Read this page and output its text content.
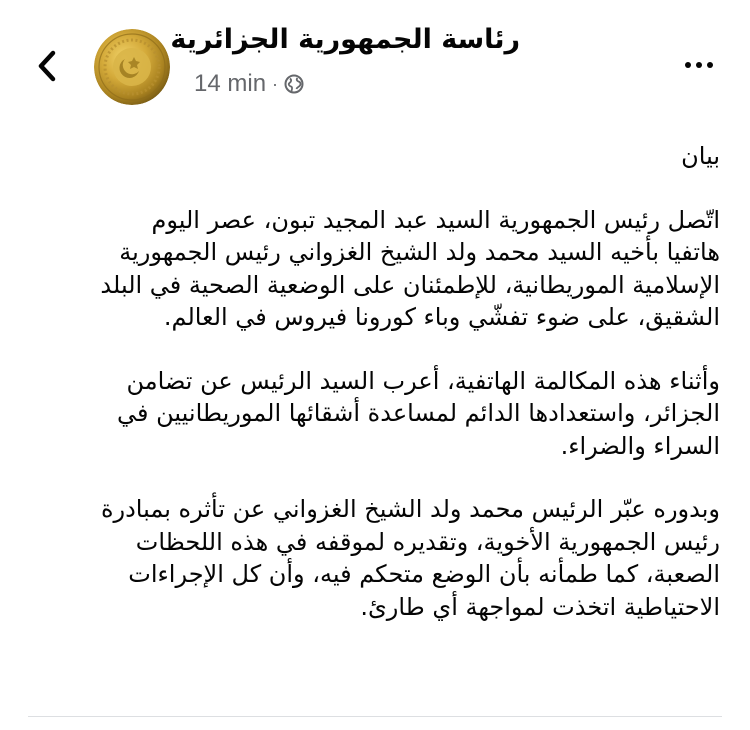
رئاسة الجمهورية الجزائرية
14 min ·

بيان

اتّصل رئيس الجمهورية السيد عبد المجيد تبون، عصر اليوم

هاتفيا بأخيه السيد محمد ولد الشيخ الغزواني رئيس الجمهورية

الإسلامية الموريطانية، للإطمئنان على الوضعية الصحية في البلد

الشقيق، على ضوء تفشّي وباء كورونا فيروس في العالم.

وأثناء هذه المكالمة الهاتفية، أعرب السيد الرئيس عن تضامن

الجزائر، واستعدادها الدائم لمساعدة أشقائها الموريطانيين في

السراء والضراء.

وبدوره عبّر الرئيس محمد ولد الشيخ الغزواني عن تأثره بمبادرة

رئيس الجمهورية الأخوية، وتقديره لموقفه في هذه اللحظات

الصعبة، كما طمأنه بأن الوضع متحكم فيه، وأن كل الإجراءات

الاحتياطية اتخذت لمواجهة أي طارئ.
